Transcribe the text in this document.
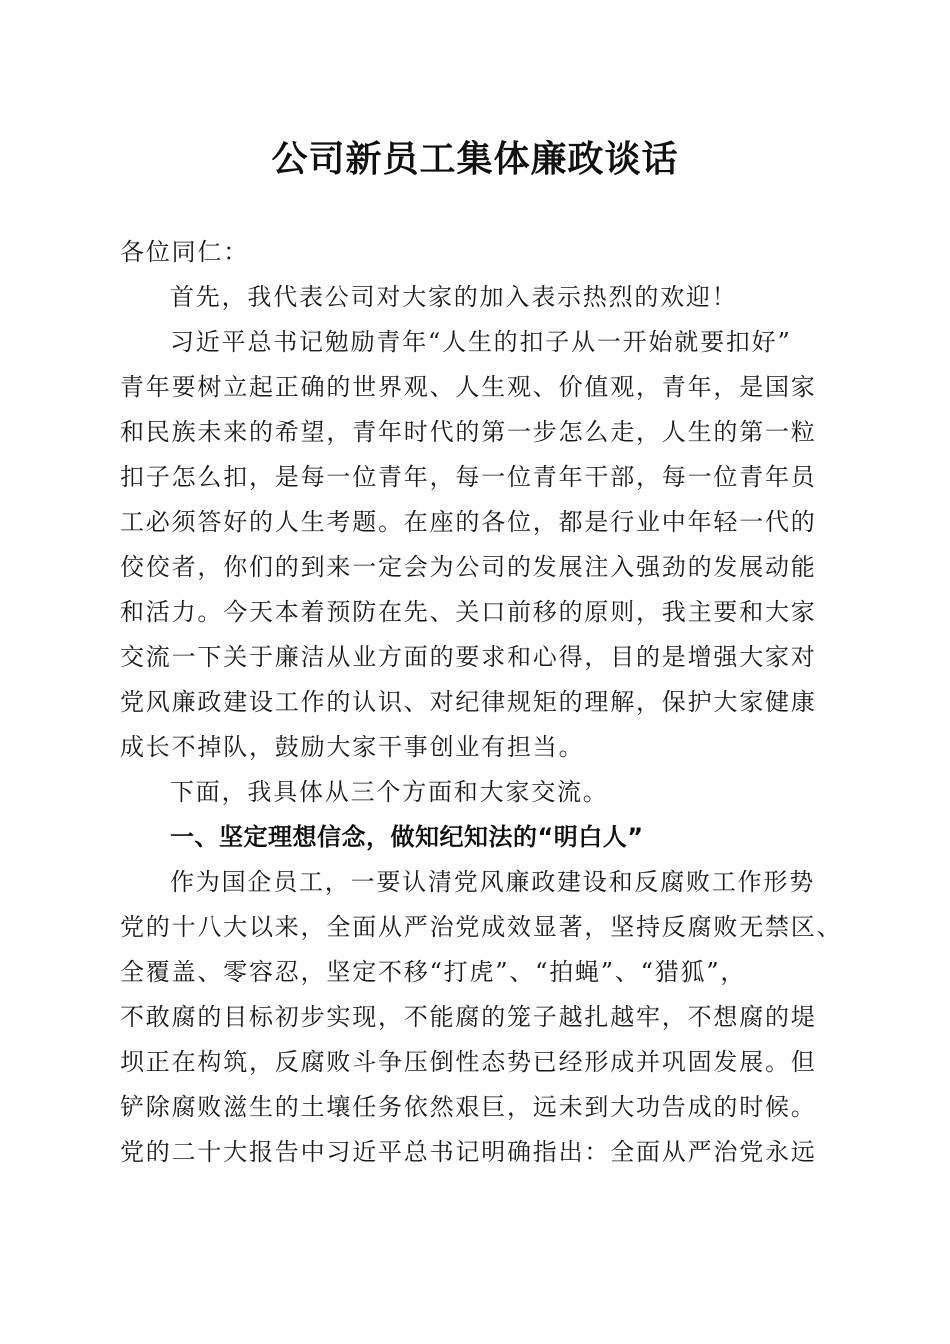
公司新员工集体廉政谈话
各位同仁：
首先，我代表公司对大家的加入表示热烈的欢迎！
习近平总书记勉励青年“人生的扣子从一开始就要扣好”
青年要树立起正确的世界观、人生观、价值观，青年，是国家
和民族未来的希望，青年时代的第一步怎么走，人生的第一粒
扣子怎么扣，是每一位青年，每一位青年干部，每一位青年员
工必须答好的人生考题。在座的各位，都是行业中年轻一代的
佼佼者，你们的到来一定会为公司的发展注入强劲的发展动能
和活力。今天本着预防在先、关口前移的原则，我主要和大家
交流一下关于廉洁从业方面的要求和心得，目的是增强大家对
党风廉政建设工作的认识、对纪律规矩的理解，保护大家健康
成长不掉队，鼓励大家干事创业有担当。
下面，我具体从三个方面和大家交流。
一、坚定理想信念，做知纪知法的“明白人”
作为国企员工，一要认清党风廉政建设和反腐败工作形势
党的十八大以来，全面从严治党成效显著，坚持反腐败无禁区、
全覆盖、零容忍，坚定不移“打虎”、“拍蝇”、“猎狐”，
不敢腐的目标初步实现，不能腐的笼子越扎越牢，不想腐的堤
坝正在构筑，反腐败斗争压倒性态势已经形成并巩固发展。但
铲除腐败滋生的土壤任务依然艰巨，远未到大功告成的时候。
党的二十大报告中习近平总书记明确指出：全面从严治党永远
